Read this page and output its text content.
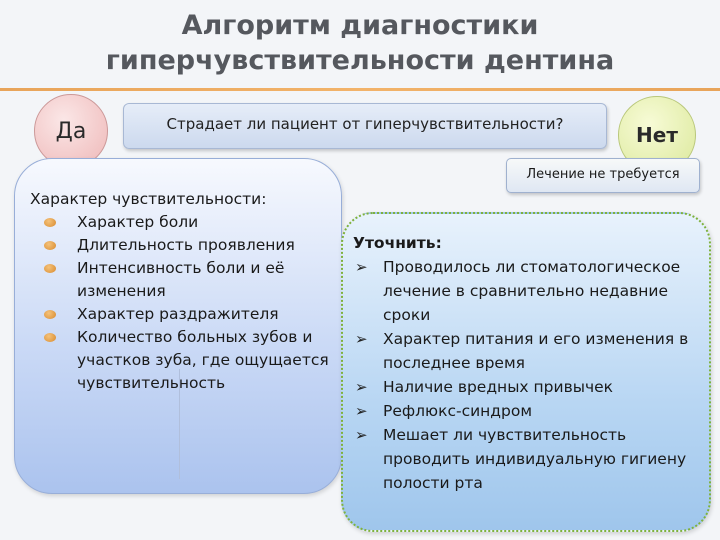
Алгоритм диагностики
гиперчувствительности дентина
Да	Страдает ли пациент от гиперчувствительности?	Нет
Лечение не требуется
Характер чувствительности:
Характер боли
Длительность проявления
Интенсивность боли и её изменения
Характер раздражителя
Количество больных зубов и участков зуба, где ощущается чувствительность
Уточнить:
➢ Проводилось ли стоматологическое лечение в сравнительно недавние сроки
➢ Характер питания и его изменения в последнее время
➢ Наличие вредных привычек
➢ Рефлюкс-синдром
➢ Мешает ли чувствительность проводить индивидуальную гигиену полости рта
